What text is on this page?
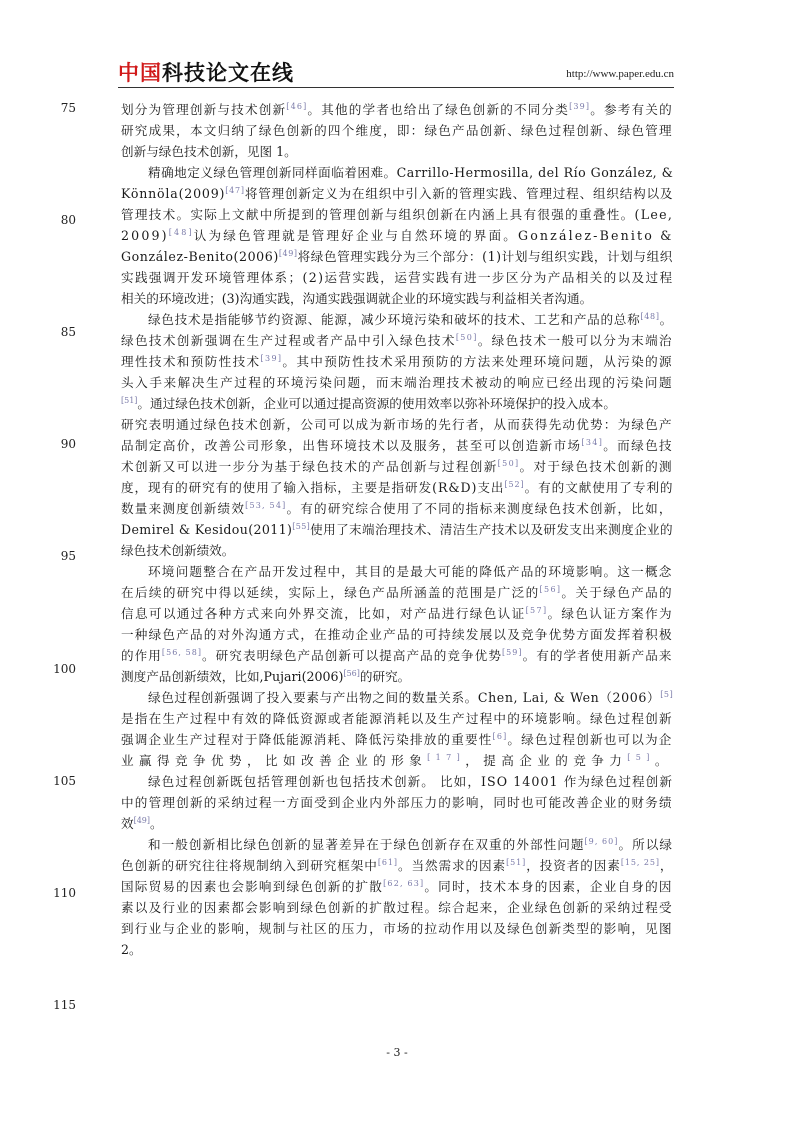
中国科技论文在线	http://www.paper.edu.cn
75
80
85
90
95
100
105
110
115
划分为管理创新与技术创新[46]。其他的学者也给出了绿色创新的不同分类[39]。参考有关的
研究成果，本文归纳了绿色创新的四个维度，即：绿色产品创新、绿色过程创新、绿色管理
创新与绿色技术创新，见图 1。
精确地定义绿色管理创新同样面临着困难。Carrillo-Hermosilla, del Río González, &
Könnöla(2009)[47]将管理创新定义为在组织中引入新的管理实践、管理过程、组织结构以及
管理技术。实际上文献中所提到的管理创新与组织创新在内涵上具有很强的重叠性。(Lee,
2009)[48]认为绿色管理就是管理好企业与自然环境的界面。González-Benito &
González-Benito(2006)[49]将绿色管理实践分为三个部分：(1)计划与组织实践，计划与组织
实践强调开发环境管理体系；(2)运营实践，运营实践有进一步区分为产品相关的以及过程
相关的环境改进；(3)沟通实践，沟通实践强调就企业的环境实践与利益相关者沟通。
绿色技术是指能够节约资源、能源，减少环境污染和破坏的技术、工艺和产品的总称[48]。
绿色技术创新强调在生产过程或者产品中引入绿色技术[50]。绿色技术一般可以分为末端治
理性技术和预防性技术[39]。其中预防性技术采用预防的方法来处理环境问题，从污染的源
头入手来解决生产过程的环境污染问题，而末端治理技术被动的响应已经出现的污染问题
[51]。通过绿色技术创新，企业可以通过提高资源的使用效率以弥补环境保护的投入成本。
研究表明通过绿色技术创新，公司可以成为新市场的先行者，从而获得先动优势：为绿色产
品制定高价，改善公司形象，出售环境技术以及服务，甚至可以创造新市场[34]。而绿色技
术创新又可以进一步分为基于绿色技术的产品创新与过程创新[50]。对于绿色技术创新的测
度，现有的研究有的使用了输入指标，主要是指研发(R&D)支出[52]。有的文献使用了专利的
数量来测度创新绩效[53, 54]。有的研究综合使用了不同的指标来测度绿色技术创新，比如，
Demirel & Kesidou(2011)[55]使用了末端治理技术、清洁生产技术以及研发支出来测度企业的
绿色技术创新绩效。
环境问题整合在产品开发过程中，其目的是最大可能的降低产品的环境影响。这一概念
在后续的研究中得以延续，实际上，绿色产品所涵盖的范围是广泛的[56]。关于绿色产品的
信息可以通过各种方式来向外界交流，比如，对产品进行绿色认证[57]。绿色认证方案作为
一种绿色产品的对外沟通方式，在推动企业产品的可持续发展以及竞争优势方面发挥着积极
的作用[56, 58]。研究表明绿色产品创新可以提高产品的竞争优势[59]。有的学者使用新产品来
测度产品创新绩效，比如,Pujari(2006)[56]的研究。
绿色过程创新强调了投入要素与产出物之间的数量关系。Chen, Lai, & Wen（2006）[5]
是指在生产过程中有效的降低资源或者能源消耗以及生产过程中的环境影响。绿色过程创新
强调企业生产过程对于降低能源消耗、降低污染排放的重要性[6]。绿色过程创新也可以为企
业赢得竞争优势，比如改善企业的形象[17]，提高企业的竞争力[5]。
绿色过程创新既包括管理创新也包括技术创新。 比如，ISO 14001 作为绿色过程创新
中的管理创新的采纳过程一方面受到企业内外部压力的影响，同时也可能改善企业的财务绩
效[49]。
和一般创新相比绿色创新的显著差异在于绿色创新存在双重的外部性问题[9, 60]。所以绿
色创新的研究往往将规制纳入到研究框架中[61]。当然需求的因素[51]，投资者的因素[15, 25]，
国际贸易的因素也会影响到绿色创新的扩散[62, 63]。同时，技术本身的因素，企业自身的因
素以及行业的因素都会影响到绿色创新的扩散过程。综合起来，企业绿色创新的采纳过程受
到行业与企业的影响，规制与社区的压力，市场的拉动作用以及绿色创新类型的影响，见图
2。
- 3 -
